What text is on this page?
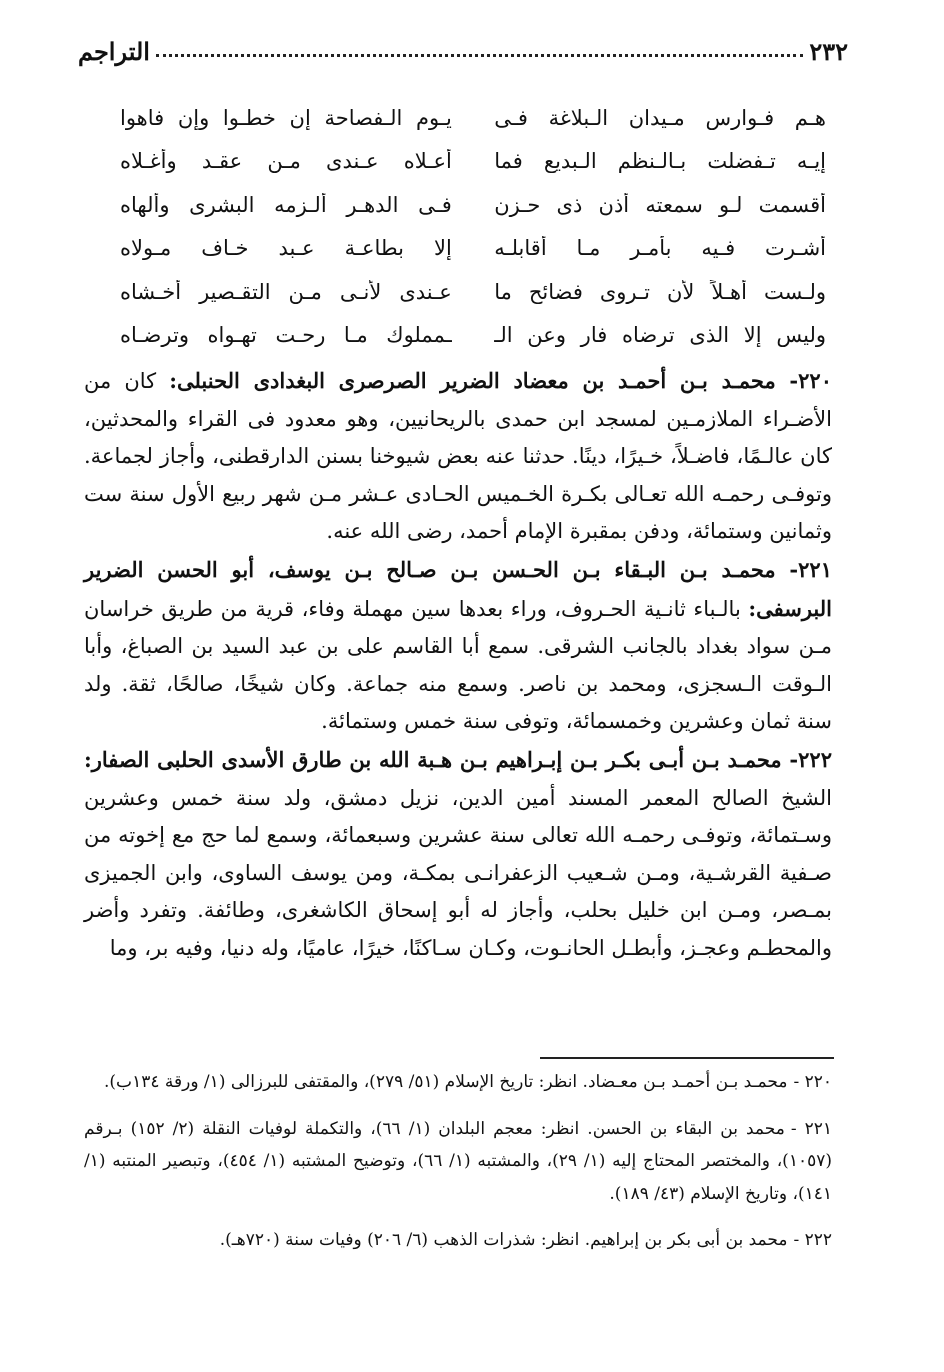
٢٣٢
التراجم
هـم فـوارس مـيدان الـبلاغة فـى
يـوم الـفصاحة إن خطـوا وإن فاهوا
إيـه تـفضلت بـالـنظم الـبديع فما
أعـلاه عـندى مـن عقـد وأغـلاه
أقسمت لـو سمعته أذن ذى حـزن
فـى الدهـر ألـزمه البشرى وألهاه
أشـرت فـيه بأمـر مـا أقابلـه
إلا بطاعـة عـبد خـاف مـولاه
ولـست أهـلاً لأن تـروى فضائح ما
عـندى لأنـى مـن التقـصير أخـشاه
وليس إلا الذى ترضاه فار وعن الـ
ـمملوك مـا رحـت تهـواه وترضـاه

٢٢٠- محمـد بـن أحمـد بن معضاد الضرير الصرصرى البغدادى الحنبلى: كان من الأضـراء الملازمـين لمسجد ابن حمدى بالريحانيين، وهو معدود فى القراء والمحدثين، كان عالـمًا، فاضـلاً، خـيرًا، دينًا. حدثنا عنه بعض شيوخنا بسنن الدارقطنى، وأجاز لجماعة. وتوفـى رحمـه الله تعـالى بكـرة الخـميس الحـادى عـشر مـن شهر ربيع الأول سنة ست وثمانين وستمائة، ودفن بمقبرة الإمام أحمد، رضى الله عنه.

٢٢١- محمـد بـن البـقاء بـن الحـسن بـن صـالح بـن يوسف، أبو الحسن الضرير البرسفى: بالـباء ثانـية الحـروف، وراء بعدها سين مهملة وفاء، قرية من طريق خراسان مـن سواد بغداد بالجانب الشرقى. سمع أبا القاسم على بن عبد السيد بن الصباغ، وأبا الـوقت الـسجزى، ومحمد بن ناصر. وسمع منه جماعة. وكان شيخًا، صالحًا، ثقة. ولد سنة ثمان وعشرين وخمسمائة، وتوفى سنة خمس وستمائة.

٢٢٢- محمـد بـن أبـى بكـر بـن إبـراهيم بـن هـبة الله بن طارق الأسدى الحلبى الصفار: الشيخ الصالح المعمر المسند أمين الدين، نزيل دمشق، ولد سنة خمس وعشرين وسـتمائة، وتوفـى رحمـه الله تعالى سنة عشرين وسبعمائة، وسمع لما حج مع إخوته من صـفية القرشـية، ومـن شـعيب الزعفرانـى بمكـة، ومن يوسف الساوى، وابن الجميزى بمـصر، ومـن ابن خليل بحلب، وأجاز له أبو إسحاق الكاشغرى، وطائفة. وتفرد وأضر والمحطـم وعجـز، وأبطـل الحانـوت، وكـان سـاكنًا، خيرًا، عاميًا، وله دنيا، وفيه بر، وما

٢٢٠ -محمـد بـن أحمـد بـن معـضاد. انظر: تاريخ الإسلام (٥١/ ٢٧٩)، والمقتفى للبرزالى (١/ ورقة ١٣٤ب).

٢٢١ -محمد بن البقاء بن الحسن. انظر: معجم البلدان (١/ ٦٦)، والتكملة لوفيات النقلة (٢/ ١٥٢) بـرقم (١٠٥٧)، والمختصر المحتاج إليه (١/ ٢٩)، والمشتبه (١/ ٦٦)، وتوضيح المشتبه (١/ ٤٥٤)، وتبصير المنتبه (١/ ١٤١)، وتاريخ الإسلام (٤٣/ ١٨٩).

٢٢٢ -محمد بن أبى بكر بن إبراهيم. انظر: شذرات الذهب (٦/ ٢٠٦) وفيات سنة (٧٢٠هـ).
